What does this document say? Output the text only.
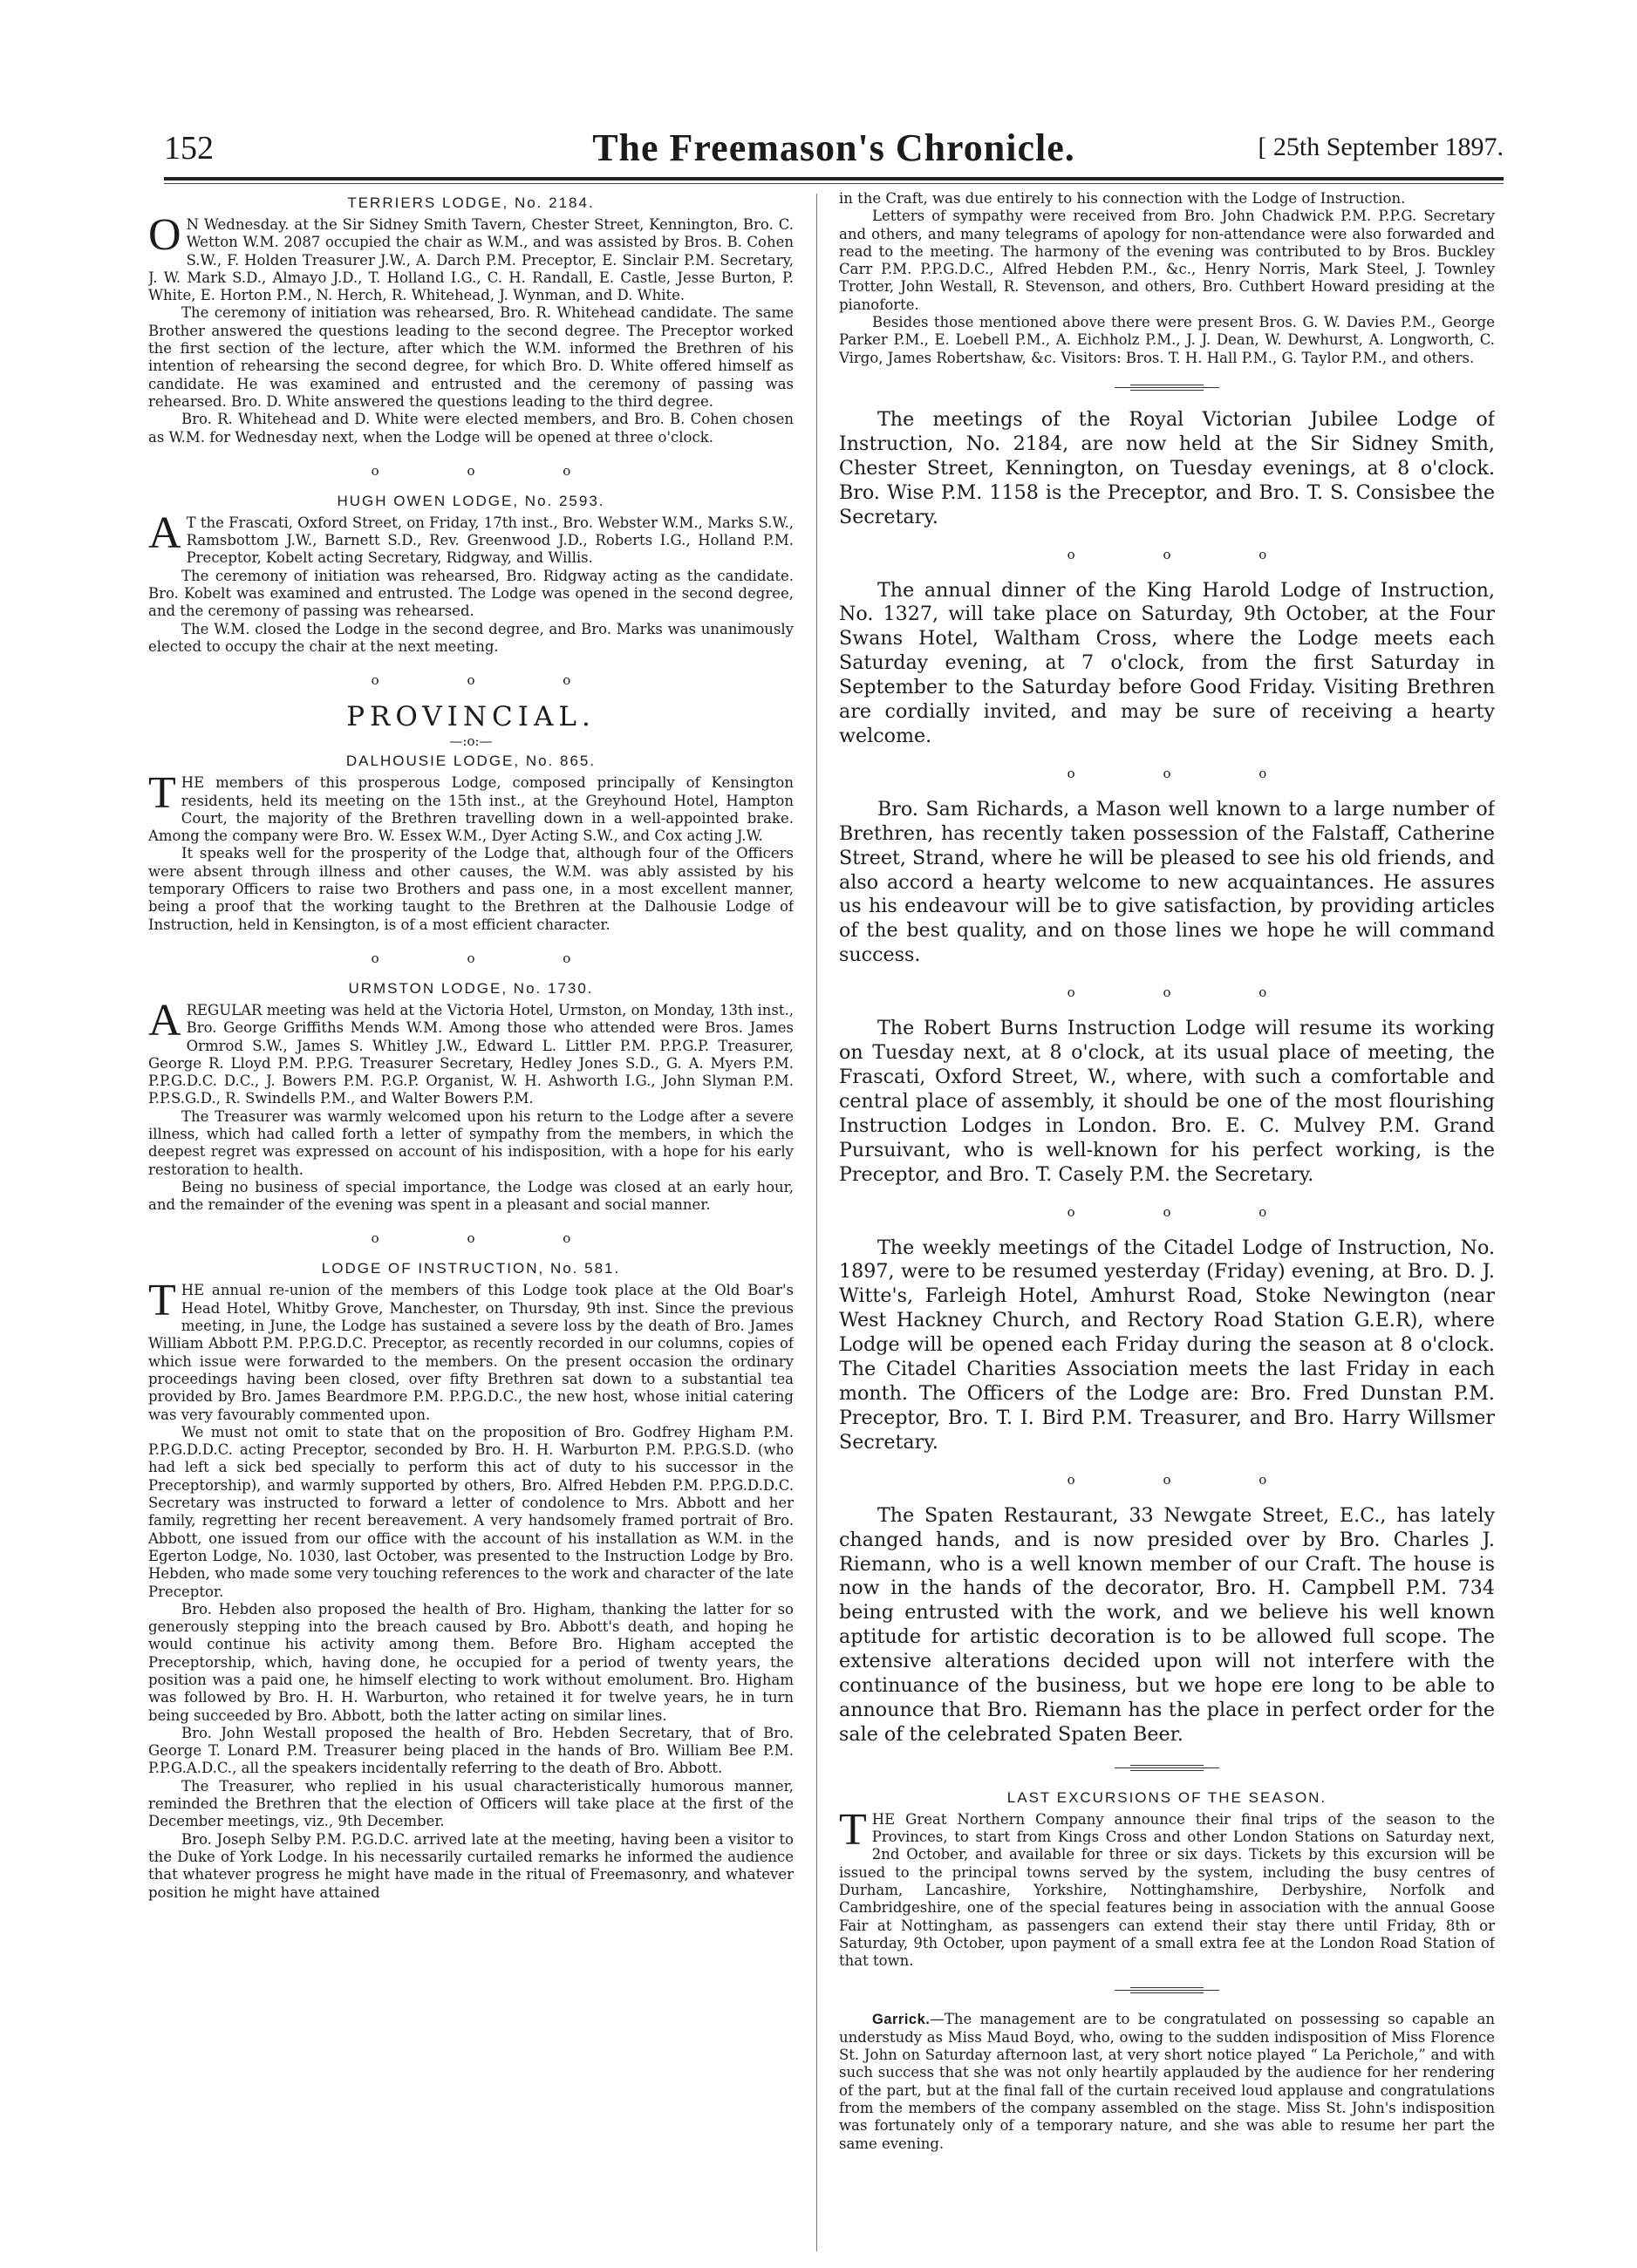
152	The Freemason's Chronicle.	[ 25th September 1897.
TERRIERS LODGE, No. 2184.

O N Wednesday. at the Sir Sidney Smith Tavern, Chester Street, Kennington, Bro. C. Wetton W.M. 2087 occupied the chair as W.M., and was assisted by Bros. B. Cohen S.W., F. Holden Treasurer J.W., A. Darch P.M. Preceptor, E. Sinclair P.M. Secretary, J. W. Mark S.D., Almayo J.D., T. Holland I.G., C. H. Randall, E. Castle, Jesse Burton, P. White, E. Horton P.M., N. Herch, R. Whitehead, J. Wynman, and D. White.

The ceremony of initiation was rehearsed, Bro. R. Whitehead candidate. The same Brother answered the questions leading to the second degree. The Preceptor worked the first section of the lecture, after which the W.M. informed the Brethren of his intention of rehearsing the second degree, for which Bro. D. White offered himself as candidate. He was examined and entrusted and the ceremony of passing was rehearsed. Bro. D. White answered the questions leading to the third degree.

Bro. R. Whitehead and D. White were elected members, and Bro. B. Cohen chosen as W.M. for Wednesday next, when the Lodge will be opened at three o'clock.

o o o
HUGH OWEN LODGE, No. 2593.

A T the Frascati, Oxford Street, on Friday, 17th inst., Bro. Webster W.M., Marks S.W., Ramsbottom J.W., Barnett S.D., Rev. Greenwood J.D., Roberts I.G., Holland P.M. Preceptor, Kobelt acting Secretary, Ridgway, and Willis.

The ceremony of initiation was rehearsed, Bro. Ridgway acting as the candidate. Bro. Kobelt was examined and entrusted. The Lodge was opened in the second degree, and the ceremony of passing was rehearsed.

The W.M. closed the Lodge in the second degree, and Bro. Marks was unanimously elected to occupy the chair at the next meeting.

o o o
PROVINCIAL.
—:o:—
DALHOUSIE LODGE, No. 865.

THE members of this prosperous Lodge, composed principally of Kensington residents, held its meeting on the 15th inst., at the Greyhound Hotel, Hampton Court, the majority of the Brethren travelling down in a well-appointed brake. Among the company were Bro. W. Essex W.M., Dyer Acting S.W., and Cox acting J.W.

It speaks well for the prosperity of the Lodge that, although four of the Officers were absent through illness and other causes, the W.M. was ably assisted by his temporary Officers to raise two Brothers and pass one, in a most excellent manner, being a proof that the working taught to the Brethren at the Dalhousie Lodge of Instruction, held in Kensington, is of a most efficient character.

o o o
URMSTON LODGE, No. 1730.

AREGULAR meeting was held at the Victoria Hotel, Urmston, on Monday, 13th inst., Bro. George Griffiths Mends W.M. Among those who attended were Bros. James Ormrod S.W., James S. Whitley J.W., Edward L. Littler P.M. P.P.G.P. Treasurer, George R. Lloyd P.M. P.P.G. Treasurer Secretary, Hedley Jones S.D., G. A. Myers P.M. P.P.G.D.C. D.C., J. Bowers P.M. P.G.P. Organist, W. H. Ashworth I.G., John Slyman P.M. P.P.S.G.D., R. Swindells P.M., and Walter Bowers P.M.

The Treasurer was warmly welcomed upon his return to the Lodge after a severe illness, which had called forth a letter of sympathy from the members, in which the deepest regret was expressed on account of his indisposition, with a hope for his early restoration to health.

Being no business of special importance, the Lodge was closed at an early hour, and the remainder of the evening was spent in a pleasant and social manner.

o o o
LODGE OF INSTRUCTION, No. 581.

THE annual re-union of the members of this Lodge took place at the Old Boar's Head Hotel, Whitby Grove, Manchester, on Thursday, 9th inst. Since the previous meeting, in June, the Lodge has sustained a severe loss by the death of Bro. James William Abbott P.M. P.P.G.D.C. Preceptor, as recently recorded in our columns, copies of which issue were forwarded to the members. On the present occasion the ordinary proceedings having been closed, over fifty Brethren sat down to a substantial tea provided by Bro. James Beardmore P.M. P.P.G.D.C., the new host, whose initial catering was very favourably commented upon.

We must not omit to state that on the proposition of Bro. Godfrey Higham P.M. P.P.G.D.D.C. acting Preceptor, seconded by Bro. H. H. Warburton P.M. P.P.G.S.D. (who had left a sick bed specially to perform this act of duty to his successor in the Preceptorship), and warmly supported by others, Bro. Alfred Hebden P.M. P.P.G.D.D.C. Secretary was instructed to forward a letter of condolence to Mrs. Abbott and her family, regretting her recent bereavement. A very handsomely framed portrait of Bro. Abbott, one issued from our office with the account of his installation as W.M. in the Egerton Lodge, No. 1030, last October, was presented to the Instruction Lodge by Bro. Hebden, who made some very touching references to the work and character of the late Preceptor.

Bro. Hebden also proposed the health of Bro. Higham, thanking the latter for so generously stepping into the breach caused by Bro. Abbott's death, and hoping he would continue his activity among them. Before Bro. Higham accepted the Preceptorship, which, having done, he occupied for a period of twenty years, the position was a paid one, he himself electing to work without emolument. Bro. Higham was followed by Bro. H. H. Warburton, who retained it for twelve years, he in turn being succeeded by Bro. Abbott, both the latter acting on similar lines.

Bro. John Westall proposed the health of Bro. Hebden Secretary, that of Bro. George T. Lonard P.M. Treasurer being placed in the hands of Bro. William Bee P.M. P.P.G.A.D.C., all the speakers incidentally referring to the death of Bro. Abbott.

The Treasurer, who replied in his usual characteristically humorous manner, reminded the Brethren that the election of Officers will take place at the first of the December meetings, viz., 9th December.

Bro. Joseph Selby P.M. P.G.D.C. arrived late at the meeting, having been a visitor to the Duke of York Lodge. In his necessarily curtailed remarks he informed the audience that whatever progress he might have made in the ritual of Freemasonry, and whatever position he might have attained

in the Craft, was due entirely to his connection with the Lodge of Instruction.

Letters of sympathy were received from Bro. John Chadwick P.M. P.P.G. Secretary and others, and many telegrams of apology for non-attendance were also forwarded and read to the meeting. The harmony of the evening was contributed to by Bros. Buckley Carr P.M. P.P.G.D.C., Alfred Hebden P.M., &c., Henry Norris, Mark Steel, J. Townley Trotter, John Westall, R. Stevenson, and others, Bro. Cuthbert Howard presiding at the pianoforte.

Besides those mentioned above there were present Bros. G. W. Davies P.M., George Parker P.M., E. Loebell P.M., A. Eichholz P.M., J. J. Dean, W. Dewhurst, A. Longworth, C. Virgo, James Robertshaw, &c. Visitors: Bros. T. H. Hall P.M., G. Taylor P.M., and others.

The meetings of the Royal Victorian Jubilee Lodge of Instruction, No. 2184, are now held at the Sir Sidney Smith, Chester Street, Kennington, on Tuesday evenings, at 8 o'clock. Bro. Wise P.M. 1158 is the Preceptor, and Bro. T. S. Consisbee the Secretary.

o o o

The annual dinner of the King Harold Lodge of Instruction, No. 1327, will take place on Saturday, 9th October, at the Four Swans Hotel, Waltham Cross, where the Lodge meets each Saturday evening, at 7 o'clock, from the first Saturday in September to the Saturday before Good Friday. Visiting Brethren are cordially invited, and may be sure of receiving a hearty welcome.

o o o

Bro. Sam Richards, a Mason well known to a large number of Brethren, has recently taken possession of the Falstaff, Catherine Street, Strand, where he will be pleased to see his old friends, and also accord a hearty welcome to new acquaintances. He assures us his endeavour will be to give satisfaction, by providing articles of the best quality, and on those lines we hope he will command success.

o o o

The Robert Burns Instruction Lodge will resume its working on Tuesday next, at 8 o'clock, at its usual place of meeting, the Frascati, Oxford Street, W., where, with such a comfortable and central place of assembly, it should be one of the most flourishing Instruction Lodges in London. Bro. E. C. Mulvey P.M. Grand Pursuivant, who is well-known for his perfect working, is the Preceptor, and Bro. T. Casely P.M. the Secretary.

o o o

The weekly meetings of the Citadel Lodge of Instruction, No. 1897, were to be resumed yesterday (Friday) evening, at Bro. D. J. Witte's, Farleigh Hotel, Amhurst Road, Stoke Newington (near West Hackney Church, and Rectory Road Station G.E.R), where Lodge will be opened each Friday during the season at 8 o'clock. The Citadel Charities Association meets the last Friday in each month. The Officers of the Lodge are: Bro. Fred Dunstan P.M. Preceptor, Bro. T. I. Bird P.M. Treasurer, and Bro. Harry Willsmer Secretary.

o o o

The Spaten Restaurant, 33 Newgate Street, E.C., has lately changed hands, and is now presided over by Bro. Charles J. Riemann, who is a well known member of our Craft. The house is now in the hands of the decorator, Bro. H. Campbell P.M. 734 being entrusted with the work, and we believe his well known aptitude for artistic decoration is to be allowed full scope. The extensive alterations decided upon will not interfere with the continuance of the business, but we hope ere long to be able to announce that Bro. Riemann has the place in perfect order for the sale of the celebrated Spaten Beer.

LAST EXCURSIONS OF THE SEASON.

THE Great Northern Company announce their final trips of the season to the Provinces, to start from Kings Cross and other London Stations on Saturday next, 2nd October, and available for three or six days. Tickets by this excursion will be issued to the principal towns served by the system, including the busy centres of Durham, Lancashire, Yorkshire, Nottinghamshire, Derbyshire, Norfolk and Cambridgeshire, one of the special features being in association with the annual Goose Fair at Nottingham, as passengers can extend their stay there until Friday, 8th or Saturday, 9th October, upon payment of a small extra fee at the London Road Station of that town.

Garrick.—The management are to be congratulated on possessing so capable an understudy as Miss Maud Boyd, who, owing to the sudden indisposition of Miss Florence St. John on Saturday afternoon last, at very short notice played “ La Perichole,” and with such success that she was not only heartily applauded by the audience for her rendering of the part, but at the final fall of the curtain received loud applause and congratulations from the members of the company assembled on the stage. Miss St. John's indisposition was fortunately only of a temporary nature, and she was able to resume her part the same evening.
